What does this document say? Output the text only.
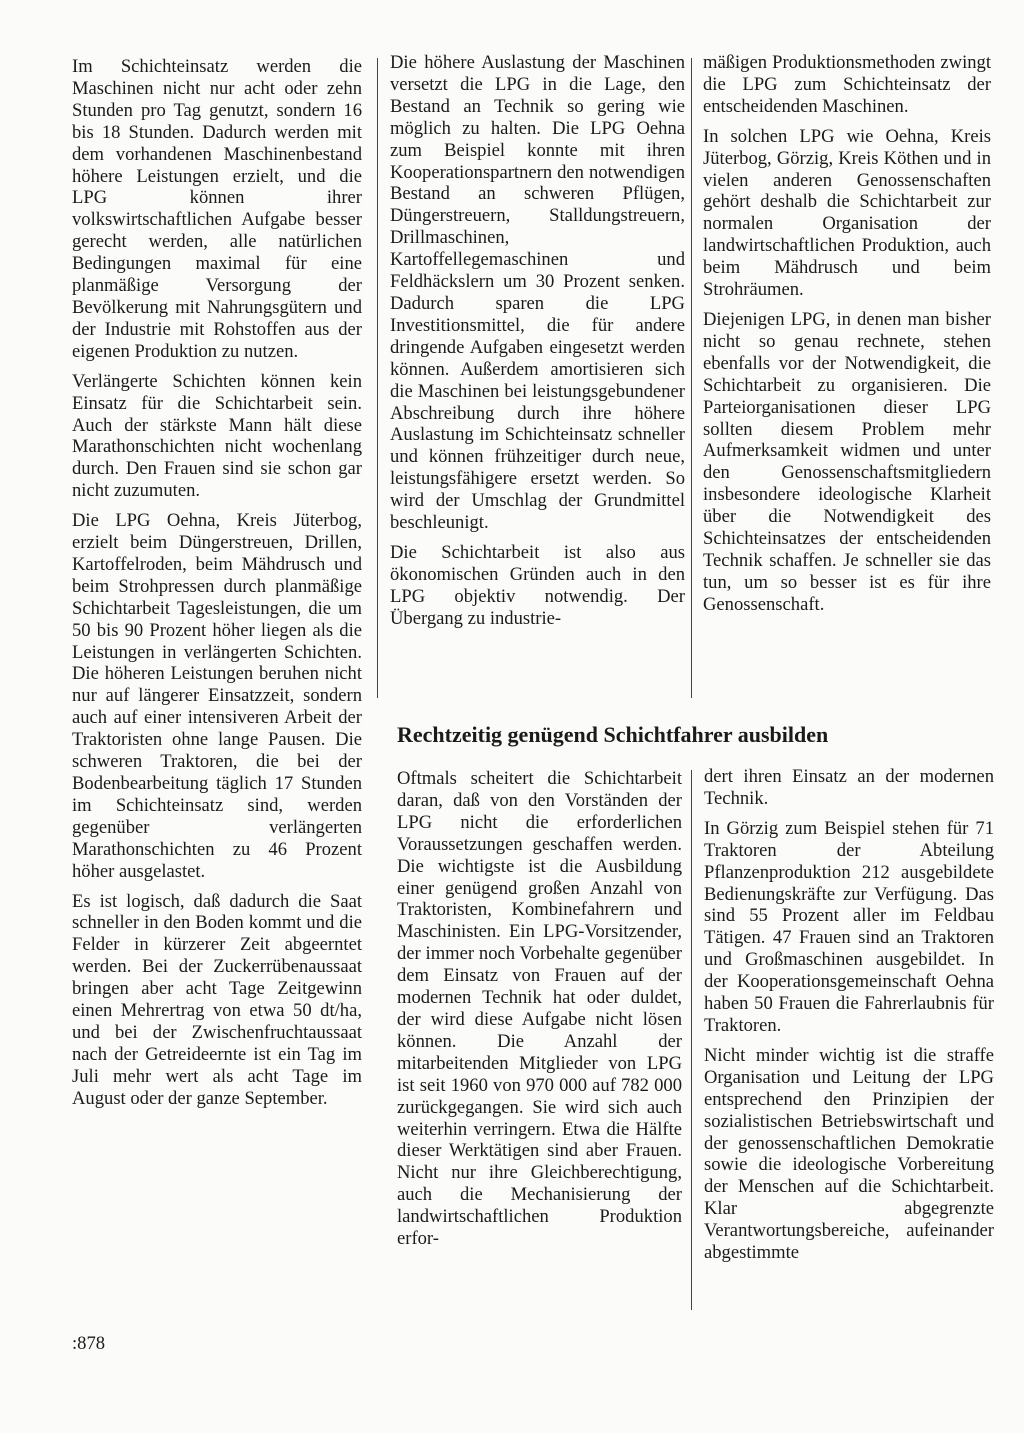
Im Schichteinsatz werden die Maschinen nicht nur acht oder zehn Stunden pro Tag genutzt, sondern 16 bis 18 Stunden. Dadurch werden mit dem vorhandenen Maschinenbestand höhere Leistungen erzielt, und die LPG können ihrer volkswirtschaftlichen Aufgabe besser gerecht werden, alle natürlichen Bedingungen maximal für eine planmäßige Versorgung der Bevölkerung mit Nahrungsgütern und der Industrie mit Rohstoffen aus der eigenen Produktion zu nutzen.

Verlängerte Schichten können kein Einsatz für die Schichtarbeit sein. Auch der stärkste Mann hält diese Marathonschichten nicht wochenlang durch. Den Frauen sind sie schon gar nicht zuzumuten.

Die LPG Oehna, Kreis Jüterbog, erzielt beim Düngerstreuen, Drillen, Kartoffelroden, beim Mähdrusch und beim Strohpressen durch planmäßige Schichtarbeit Tagesleistungen, die um 50 bis 90 Prozent höher liegen als die Leistungen in verlängerten Schichten. Die höheren Leistungen beruhen nicht nur auf längerer Einsatzzeit, sondern auch auf einer intensiveren Arbeit der Traktoristen ohne lange Pausen. Die schweren Traktoren, die bei der Bodenbearbeitung täglich 17 Stunden im Schichteinsatz sind, werden gegenüber verlängerten Marathonschichten zu 46 Prozent höher ausgelastet.

Es ist logisch, daß dadurch die Saat schneller in den Boden kommt und die Felder in kürzerer Zeit abgeerntet werden. Bei der Zuckerrübenaussaat bringen aber acht Tage Zeitgewinn einen Mehrertrag von etwa 50 dt/ha, und bei der Zwischenfruchtaussaat nach der Getreideernte ist ein Tag im Juli mehr wert als acht Tage im August oder der ganze September.

Die höhere Auslastung der Maschinen versetzt die LPG in die Lage, den Bestand an Technik so gering wie möglich zu halten. Die LPG Oehna zum Beispiel konnte mit ihren Kooperationspartnern den notwendigen Bestand an schweren Pflügen, Düngerstreuern, Stalldungstreuern, Drillmaschinen, Kartoffellegemaschinen und Feldhäckslern um 30 Prozent senken. Dadurch sparen die LPG Investitionsmittel, die für andere dringende Aufgaben eingesetzt werden können. Außerdem amortisieren sich die Maschinen bei leistungsgebundener Abschreibung durch ihre höhere Auslastung im Schichteinsatz schneller und können frühzeitiger durch neue, leistungsfähigere ersetzt werden. So wird der Umschlag der Grundmittel beschleunigt.

Die Schichtarbeit ist also aus ökonomischen Gründen auch in den LPG objektiv notwendig. Der Übergang zu industrie-

mäßigen Produktionsmethoden zwingt die LPG zum Schichteinsatz der entscheidenden Maschinen.

In solchen LPG wie Oehna, Kreis Jüterbog, Görzig, Kreis Köthen und in vielen anderen Genossenschaften gehört deshalb die Schichtarbeit zur normalen Organisation der landwirtschaftlichen Produktion, auch beim Mähdrusch und beim Strohräumen.

Diejenigen LPG, in denen man bisher nicht so genau rechnete, stehen ebenfalls vor der Notwendigkeit, die Schichtarbeit zu organisieren. Die Parteiorganisationen dieser LPG sollten diesem Problem mehr Aufmerksamkeit widmen und unter den Genossenschaftsmitgliedern insbesondere ideologische Klarheit über die Notwendigkeit des Schichteinsatzes der entscheidenden Technik schaffen. Je schneller sie das tun, um so besser ist es für ihre Genossenschaft.

Rechtzeitig genügend Schichtfahrer ausbilden

Oftmals scheitert die Schichtarbeit daran, daß von den Vorständen der LPG nicht die erforderlichen Voraussetzungen geschaffen werden. Die wichtigste ist die Ausbildung einer genügend großen Anzahl von Traktoristen, Kombinefahrern und Maschinisten. Ein LPG-Vorsitzender, der immer noch Vorbehalte gegenüber dem Einsatz von Frauen auf der modernen Technik hat oder duldet, der wird diese Aufgabe nicht lösen können. Die Anzahl der mitarbeitenden Mitglieder von LPG ist seit 1960 von 970 000 auf 782 000 zurückgegangen. Sie wird sich auch weiterhin verringern. Etwa die Hälfte dieser Werktätigen sind aber Frauen. Nicht nur ihre Gleichberechtigung, auch die Mechanisierung der landwirtschaftlichen Produktion erfor-

dert ihren Einsatz an der modernen Technik.

In Görzig zum Beispiel stehen für 71 Traktoren der Abteilung Pflanzenproduktion 212 ausgebildete Bedienungskräfte zur Verfügung. Das sind 55 Prozent aller im Feldbau Tätigen. 47 Frauen sind an Traktoren und Großmaschinen ausgebildet. In der Kooperationsgemeinschaft Oehna haben 50 Frauen die Fahrerlaubnis für Traktoren.

Nicht minder wichtig ist die straffe Organisation und Leitung der LPG entsprechend den Prinzipien der sozialistischen Betriebswirtschaft und der genossenschaftlichen Demokratie sowie die ideologische Vorbereitung der Menschen auf die Schichtarbeit. Klar abgegrenzte Verantwortungsbereiche, aufeinander abgestimmte

:878
